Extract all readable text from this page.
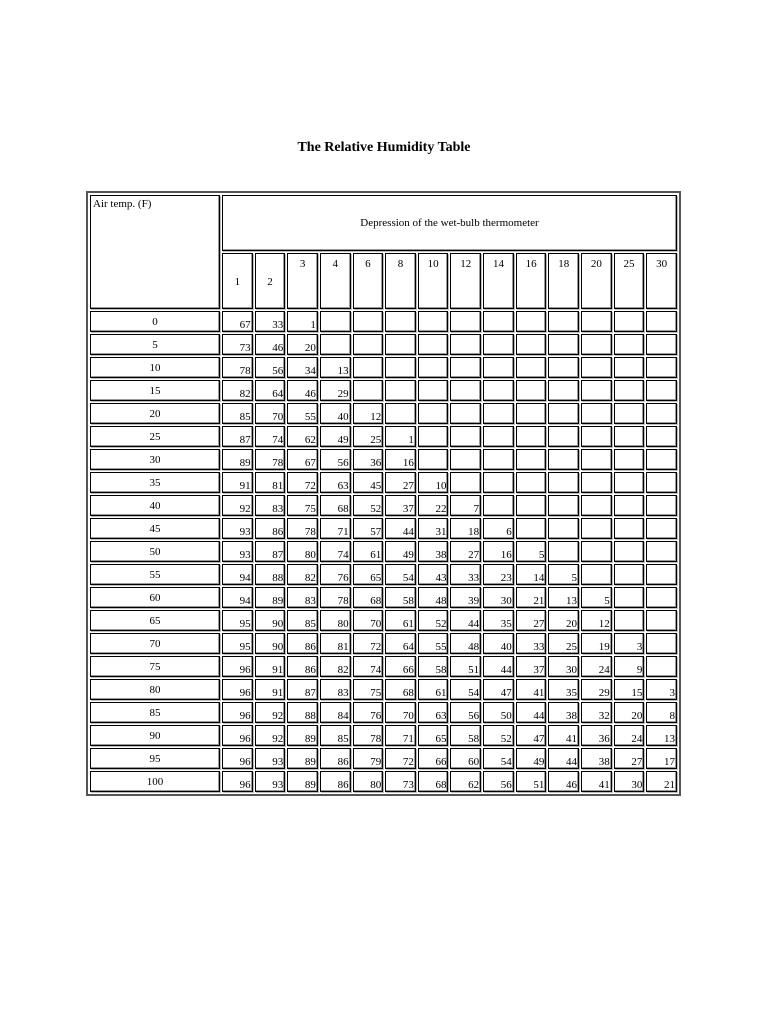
The Relative Humidity Table
Air temp. (F)	Depression of the wet-bulb thermometer													

	1	2	3	4	6	8	10	12	14	16	18	20	25	30

0	67	33	1											
5	73	46	20											
10	78	56	34	13										
15	82	64	46	29										
20	85	70	55	40	12									
25	87	74	62	49	25	1								
30	89	78	67	56	36	16								
35	91	81	72	63	45	27	10							
40	92	83	75	68	52	37	22	7						
45	93	86	78	71	57	44	31	18	6					
50	93	87	80	74	61	49	38	27	16	5				
55	94	88	82	76	65	54	43	33	23	14	5			
60	94	89	83	78	68	58	48	39	30	21	13	5		
65	95	90	85	80	70	61	52	44	35	27	20	12		
70	95	90	86	81	72	64	55	48	40	33	25	19	3	
75	96	91	86	82	74	66	58	51	44	37	30	24	9	
80	96	91	87	83	75	68	61	54	47	41	35	29	15	3
85	96	92	88	84	76	70	63	56	50	44	38	32	20	8
90	96	92	89	85	78	71	65	58	52	47	41	36	24	13
95	96	93	89	86	79	72	66	60	54	49	44	38	27	17
100	96	93	89	86	80	73	68	62	56	51	46	41	30	21
